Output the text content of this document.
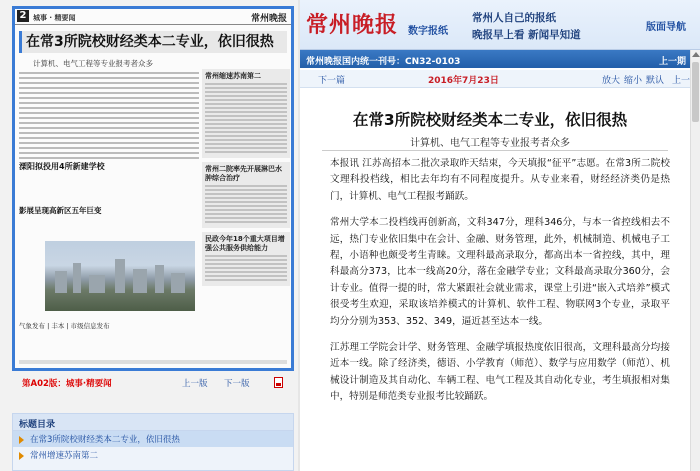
2 城事 · 精要闻	常州晚报
在常3所院校财经类本二专业，依旧很热
计算机、电气工程等专业报考者众多
常州缩速苏南第二
常州二院率先开展淋巴水肿综合治疗
民政今年18个重大项目增强公共服务供给能力
溧阳拟投用4所新建学校
影展呈现高新区五年巨变
气象发布 | 丰本 | 市级信息发布
第A02版：城事·精要闻	上一版 下一版
标题目录
在常3所院校财经类本二专业，依旧很热
常州增速苏南第二
常州晚报 数字报纸
常州人自己的报纸
晚报早上看 新闻早知道
版面导航
常州晚报国内统一刊号：CN32-0103	上一期
下一篇	2016年7月23日	放大 缩小 默认 上一
在常3所院校财经类本二专业，依旧很热
计算机、电气工程等专业报考者众多

本报讯 江苏高招本二批次录取昨天结束，今天填报“征平”志愿。在常3所二院校文理科投档线，相比去年均有不同程度提升。从专业来看，财经经济类仍是热门，计算机、电气工程报考踊跃。

常州大学本二投档线再创新高，文科347分，理科346分，与本一省控线相去不远，热门专业依旧集中在会计、金融、财务管理，此外，机械制造、机械电子工程，小语种也颇受考生青睐。文理科最高录取分，都高出本一省控线，其中，理科最高分373，比本一线高20分，落在金融学专业；文科最高录取分360分，会计专业。值得一提的时，常大紧跟社会就业需求，课堂上引进“嵌入式培养”模式很受考生欢迎，采取该培养模式的计算机、软件工程、物联网3个专业，录取平均分分别为353、352、349，逼近甚至达本一线。

江苏理工学院会计学、财务管理、金融学填报热度依旧很高，文理科最高分均接近本一线。除了经济类，德语、小学教育（师范）、数学与应用数学（师范）、机械设计制造及其自动化、车辆工程、电气工程及其自动化专业，考生填报相对集中，特别是师范类专业报考比较踊跃。
